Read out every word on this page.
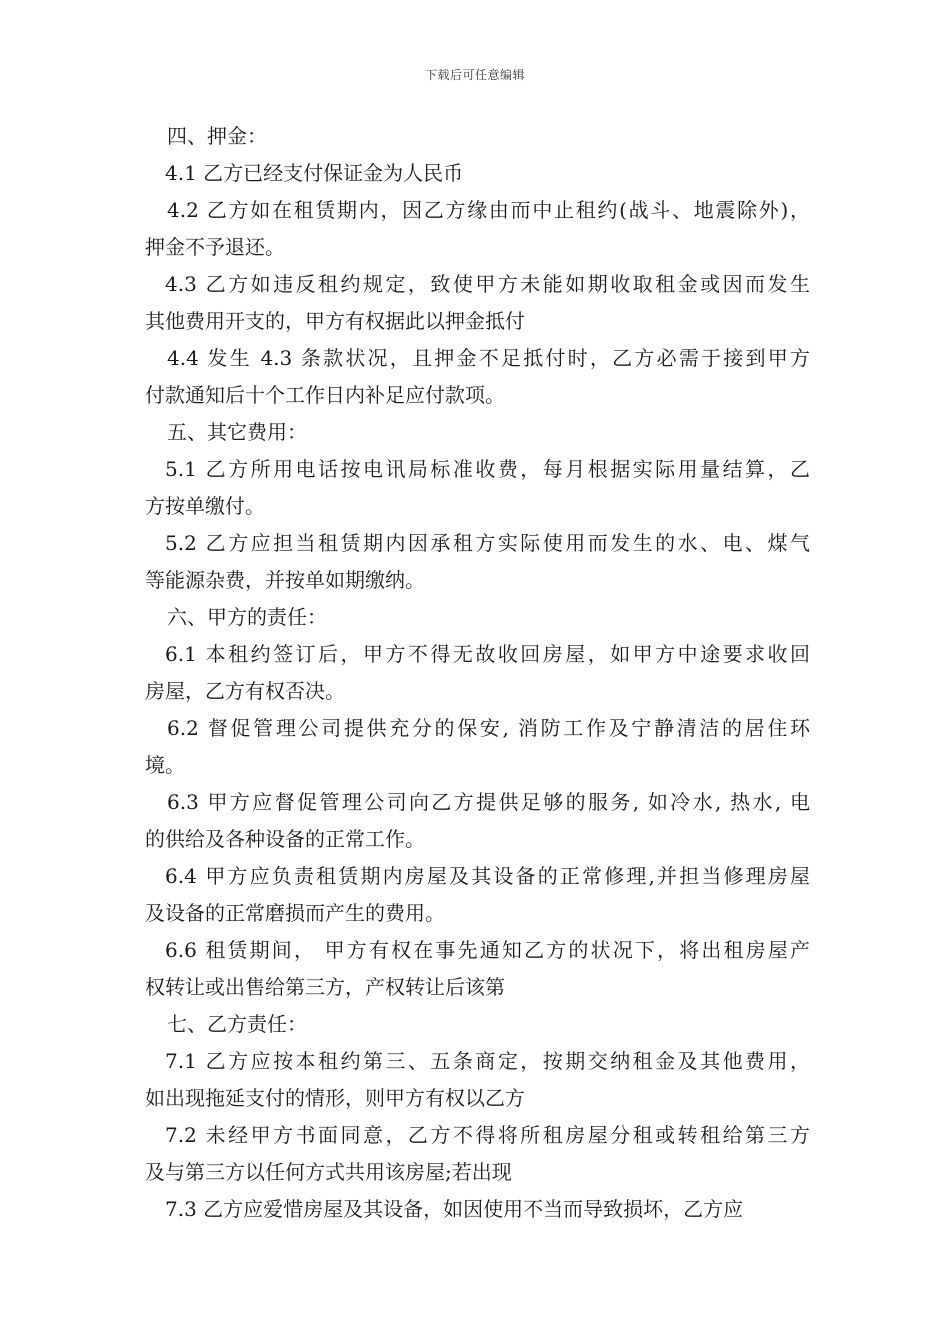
下载后可任意编辑
四、押金：
4.1 乙方已经支付保证金为人民币
4.2 乙方如在租赁期内，因乙方缘由而中止租约(战斗、地震除外)，
押金不予退还。
4.3 乙方如违反租约规定，致使甲方未能如期收取租金或因而发生
其他费用开支的，甲方有权据此以押金抵付
4.4 发生 4.3 条款状况，且押金不足抵付时，乙方必需于接到甲方
付款通知后十个工作日内补足应付款项。
五、其它费用：
5.1 乙方所用电话按电讯局标准收费，每月根据实际用量结算，乙
方按单缴付。
5.2 乙方应担当租赁期内因承租方实际使用而发生的水、电、煤气
等能源杂费，并按单如期缴纳。
六、甲方的责任：
6.1 本租约签订后，甲方不得无故收回房屋，如甲方中途要求收回
房屋，乙方有权否决。
6.2 督促管理公司提供充分的保安, 消防工作及宁静清洁的居住环
境。
6.3 甲方应督促管理公司向乙方提供足够的服务, 如冷水, 热水, 电
的供给及各种设备的正常工作。
6.4 甲方应负责租赁期内房屋及其设备的正常修理,并担当修理房屋
及设备的正常磨损而产生的费用。
6.6 租赁期间， 甲方有权在事先通知乙方的状况下，将出租房屋产
权转让或出售给第三方，产权转让后该第
七、乙方责任：
7.1 乙方应按本租约第三、五条商定，按期交纳租金及其他费用，
如出现拖延支付的情形，则甲方有权以乙方
7.2 未经甲方书面同意，乙方不得将所租房屋分租或转租给第三方
及与第三方以任何方式共用该房屋;若出现
7.3 乙方应爱惜房屋及其设备，如因使用不当而导致损坏，乙方应
